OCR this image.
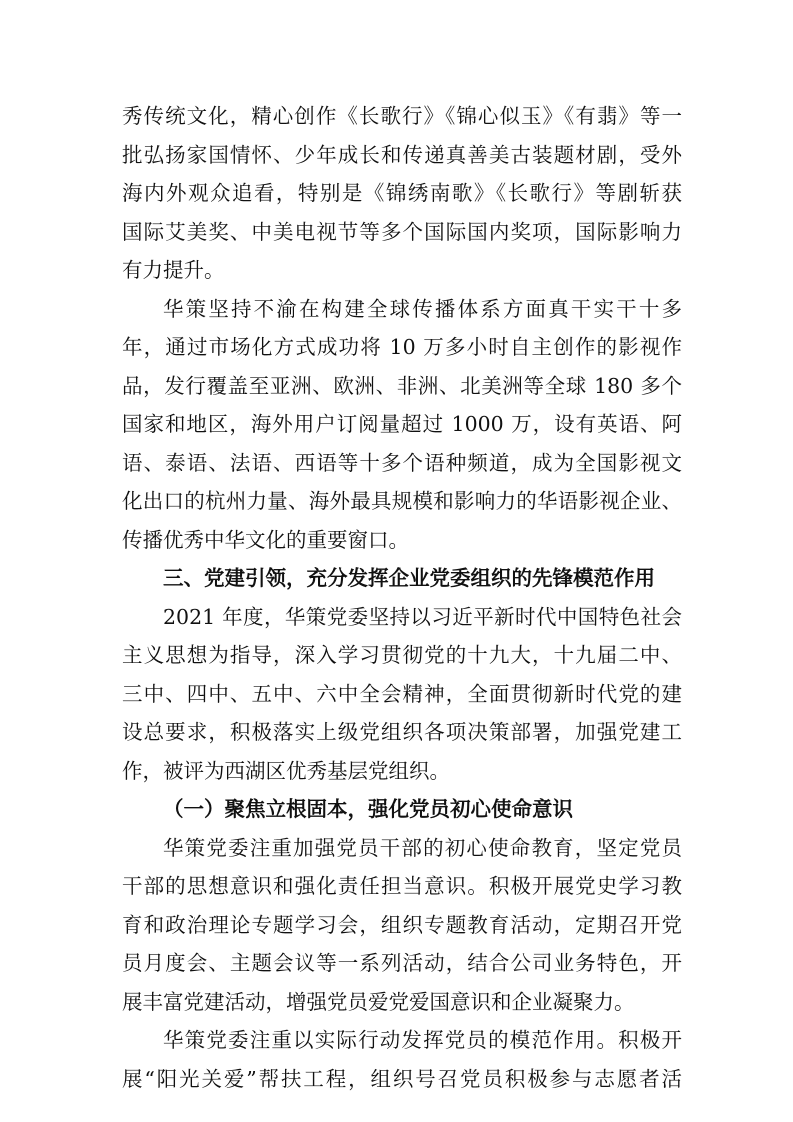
秀传统文化，精心创作《长歌行》《锦心似玉》《有翡》等一
批弘扬家国情怀、少年成长和传递真善美古装题材剧，受外
海内外观众追看，特别是《锦绣南歌》《长歌行》等剧斩获
国际艾美奖、中美电视节等多个国际国内奖项，国际影响力
有力提升。
华策坚持不渝在构建全球传播体系方面真干实干十多
年，通过市场化方式成功将 10 万多小时自主创作的影视作
品，发行覆盖至亚洲、欧洲、非洲、北美洲等全球 180 多个
国家和地区，海外用户订阅量超过 1000 万，设有英语、阿
语、泰语、法语、西语等十多个语种频道，成为全国影视文
化出口的杭州力量、海外最具规模和影响力的华语影视企业、
传播优秀中华文化的重要窗口。
三、党建引领，充分发挥企业党委组织的先锋模范作用
2021 年度，华策党委坚持以习近平新时代中国特色社会
主义思想为指导，深入学习贯彻党的十九大，十九届二中、
三中、四中、五中、六中全会精神，全面贯彻新时代党的建
设总要求，积极落实上级党组织各项决策部署，加强党建工
作，被评为西湖区优秀基层党组织。
（一）聚焦立根固本，强化党员初心使命意识
华策党委注重加强党员干部的初心使命教育，坚定党员
干部的思想意识和强化责任担当意识。积极开展党史学习教
育和政治理论专题学习会，组织专题教育活动，定期召开党
员月度会、主题会议等一系列活动，结合公司业务特色，开
展丰富党建活动，增强党员爱党爱国意识和企业凝聚力。
华策党委注重以实际行动发挥党员的模范作用。积极开
展“阳光关爱”帮扶工程，组织号召党员积极参与志愿者活
